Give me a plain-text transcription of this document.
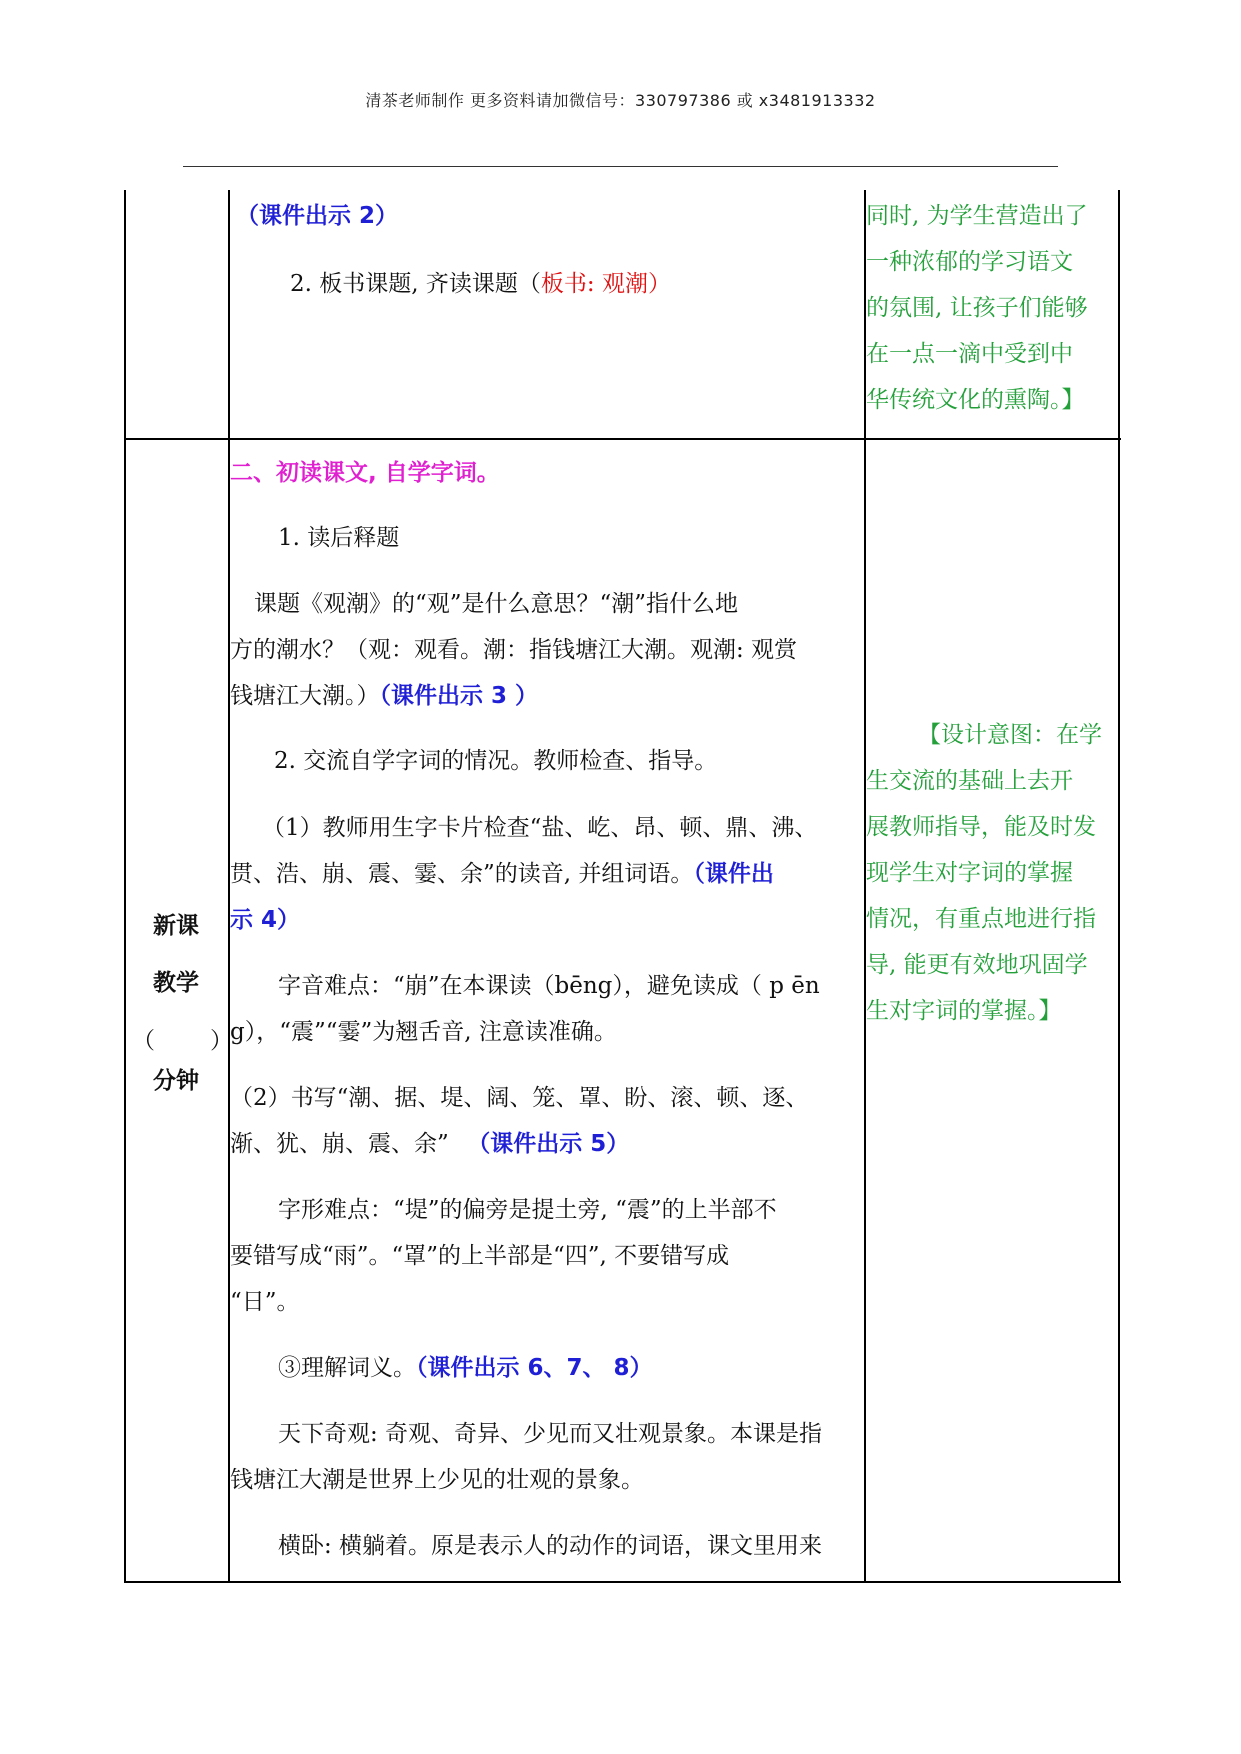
清茶老师制作 更多资料请加微信号：330797386 或 x3481913332
（课件出示 2）
2. 板书课题, 齐读课题（板书: 观潮）
同时, 为学生营造出了
一种浓郁的学习语文
的氛围, 让孩子们能够
在一点一滴中受到中
华传统文化的熏陶。】
新课
教学
（ ）
分钟
二、初读课文, 自学字词。
1. 读后释题
课题《观潮》的“观”是什么意思？“潮”指什么地
方的潮水？（观：观看。潮：指钱塘江大潮。观潮: 观赏
钱塘江大潮。）（课件出示 3 ）
2. 交流自学字词的情况。教师检查、指导。
（1）教师用生字卡片检查“盐、屹、昂、顿、鼎、沸、
贯、浩、崩、震、霎、余”的读音, 并组词语。（课件出
示 4）
字音难点：“崩”在本课读（bēng），避免读成（ p ēn
g），“震”“霎”为翘舌音, 注意读准确。
（2）书写“潮、据、堤、阔、笼、罩、盼、滚、顿、逐、
渐、犹、崩、震、余” （课件出示 5）
字形难点：“堤”的偏旁是提土旁, “震”的上半部不
要错写成“雨”。“罩”的上半部是“四”, 不要错写成
“日”。
③理解词义。（课件出示 6、7、 8）
天下奇观: 奇观、奇异、少见而又壮观景象。本课是指
钱塘江大潮是世界上少见的壮观的景象。
横卧: 横躺着。原是表示人的动作的词语，课文里用来
【设计意图：在学
生交流的基础上去开
展教师指导，能及时发
现学生对字词的掌握
情况，有重点地进行指
导, 能更有效地巩固学
生对字词的掌握。】
